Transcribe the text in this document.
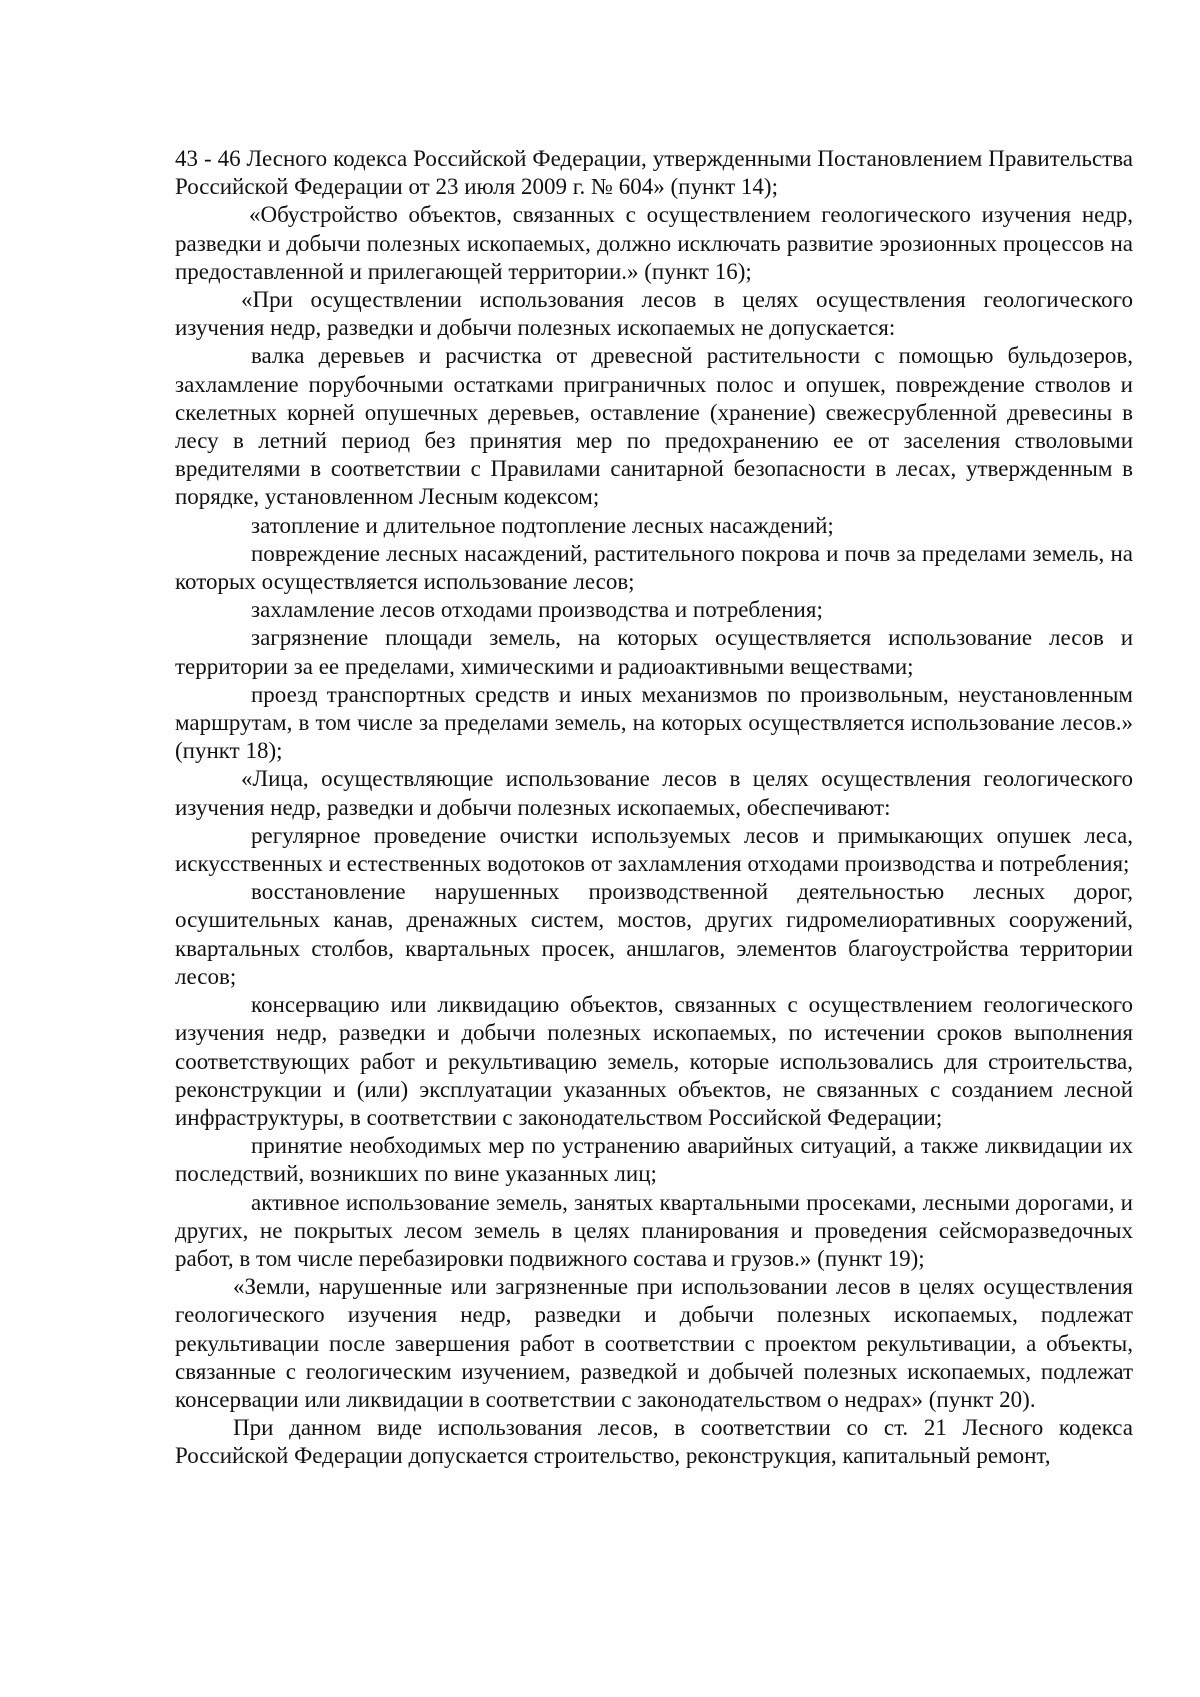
43 - 46 Лесного кодекса Российской Федерации, утвержденными Постановлением Правительства Российской Федерации от 23 июля 2009 г. № 604» (пункт 14);

«Обустройство объектов, связанных с осуществлением геологического изучения недр, разведки и добычи полезных ископаемых, должно исключать развитие эрозионных процессов на предоставленной и прилегающей территории.» (пункт 16);

«При осуществлении использования лесов в целях осуществления геологического изучения недр, разведки и добычи полезных ископаемых не допускается:

валка деревьев и расчистка от древесной растительности с помощью бульдозеров, захламление порубочными остатками приграничных полос и опушек, повреждение стволов и скелетных корней опушечных деревьев, оставление (хранение) свежесрубленной древесины в лесу в летний период без принятия мер по предохранению ее от заселения стволовыми вредителями в соответствии с Правилами санитарной безопасности в лесах, утвержденным в порядке, установленном Лесным кодексом;

затопление и длительное подтопление лесных насаждений;

повреждение лесных насаждений, растительного покрова и почв за пределами земель, на которых осуществляется использование лесов;

захламление лесов отходами производства и потребления;

загрязнение площади земель, на которых осуществляется использование лесов и территории за ее пределами, химическими и радиоактивными веществами;

проезд транспортных средств и иных механизмов по произвольным, неустановленным маршрутам, в том числе за пределами земель, на которых осуществляется использование лесов.» (пункт 18);

«Лица, осуществляющие использование лесов в целях осуществления геологического изучения недр, разведки и добычи полезных ископаемых, обеспечивают:

регулярное проведение очистки используемых лесов и примыкающих опушек леса, искусственных и естественных водотоков от захламления отходами производства и потребления;

восстановление нарушенных производственной деятельностью лесных дорог, осушительных канав, дренажных систем, мостов, других гидромелиоративных сооружений, квартальных столбов, квартальных просек, аншлагов, элементов благоустройства территории лесов;

консервацию или ликвидацию объектов, связанных с осуществлением геологического изучения недр, разведки и добычи полезных ископаемых, по истечении сроков выполнения соответствующих работ и рекультивацию земель, которые использовались для строительства, реконструкции и (или) эксплуатации указанных объектов, не связанных с созданием лесной инфраструктуры, в соответствии с законодательством Российской Федерации;

принятие необходимых мер по устранению аварийных ситуаций, а также ликвидации их последствий, возникших по вине указанных лиц;

активное использование земель, занятых квартальными просеками, лесными дорогами, и других, не покрытых лесом земель в целях планирования и проведения сейсморазведочных работ, в том числе перебазировки подвижного состава и грузов.» (пункт 19);

«Земли, нарушенные или загрязненные при использовании лесов в целях осуществления геологического изучения недр, разведки и добычи полезных ископаемых, подлежат рекультивации после завершения работ в соответствии с проектом рекультивации, а объекты, связанные с геологическим изучением, разведкой и добычей полезных ископаемых, подлежат консервации или ликвидации в соответствии с законодательством о недрах» (пункт 20).

При данном виде использования лесов, в соответствии со ст. 21 Лесного кодекса Российской Федерации допускается строительство, реконструкция, капитальный ремонт,
